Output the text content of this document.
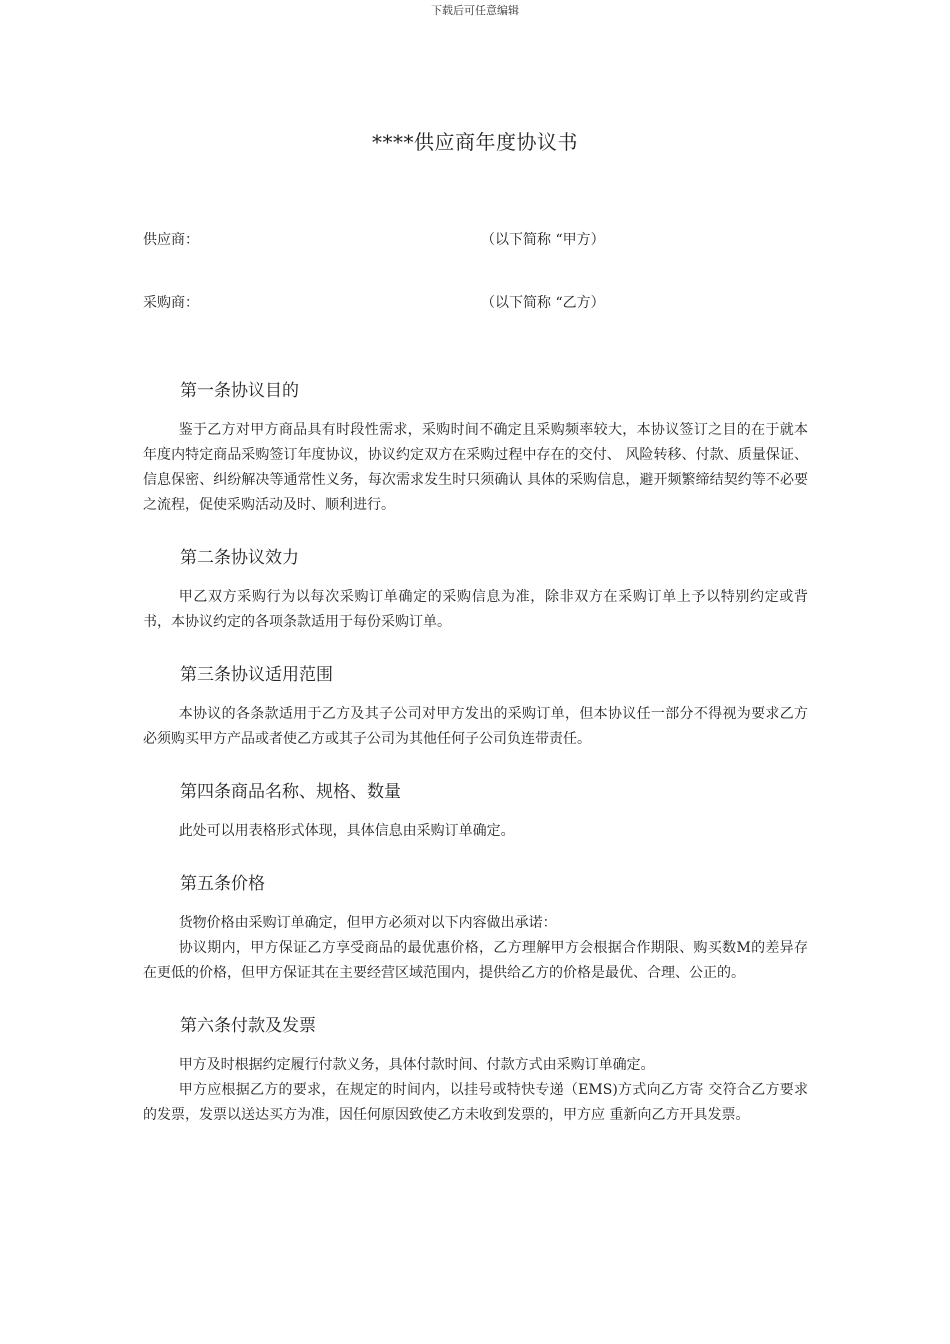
下载后可任意编辑
****供应商年度协议书
供应商：	（以下简称 “甲方）
采购商：	（以下简称 “乙方）
第一条协议目的

鉴于乙方对甲方商品具有时段性需求，采购时间不确定且采购频率较大，本协议签订之目的在于就本年度内特定商品采购签订年度协议，协议约定双方在采购过程中存在的交付、 风险转移、付款、质量保证、信息保密、纠纷解决等通常性义务，每次需求发生时只须确认 具体的采购信息，避开频繁缔结契约等不必要之流程，促使采购活动及时、顺利进行。

第二条协议效力

甲乙双方采购行为以每次采购订单确定的采购信息为准，除非双方在采购订单上予以特别约定或背书，本协议约定的各项条款适用于每份采购订单。

第三条协议适用范围

本协议的各条款适用于乙方及其子公司对甲方发出的采购订单，但本协议任一部分不得视为要求乙方必须购买甲方产品或者使乙方或其子公司为其他任何子公司负连带责任。

第四条商品名称、规格、数量

此处可以用表格形式体现，具体信息由采购订单确定。

第五条价格

货物价格由采购订单确定，但甲方必须对以下内容做出承诺：

协议期内，甲方保证乙方享受商品的最优惠价格，乙方理解甲方会根据合作期限、购买数M的差异存在更低的价格，但甲方保证其在主要经营区域范围内，提供给乙方的价格是最优、合理、公正的。

第六条付款及发票

甲方及时根据约定履行付款义务，具体付款时间、付款方式由采购订单确定。

甲方应根据乙方的要求，在规定的时间内，以挂号或特快专递（EMS)方式向乙方寄 交符合乙方要求的发票，发票以送达买方为准，因任何原因致使乙方未收到发票的，甲方应 重新向乙方开具发票。
